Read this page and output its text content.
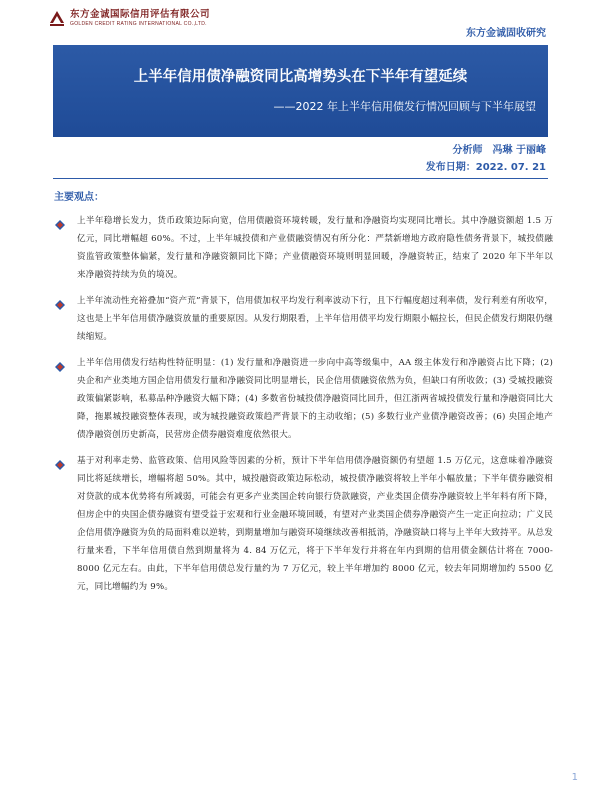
东方金诚国际信用评估有限公司
GOLDEN CREDIT RATING INTERNATIONAL CO.,LTD.
东方金诚固收研究
上半年信用债净融资同比高增势头在下半年有望延续
——2022 年上半年信用债发行情况回顾与下半年展望
分析师　冯琳 于丽峰
发布日期：2022. 07. 21
主要观点：
上半年稳增长发力，货币政策边际向宽，信用债融资环境转暖，发行量和净融资均实现同比增长。其中净融资额超 1.5 万亿元，同比增幅超 60%。不过，上半年城投债和产业债融资情况有所分化：严禁新增地方政府隐性债务背景下，城投债融资监管政策整体偏紧，发行量和净融资额同比下降；产业债融资环境则明显回暖，净融资转正，结束了 2020 年下半年以来净融资持续为负的境况。
上半年流动性充裕叠加“资产荒”背景下，信用债加权平均发行利率波动下行，且下行幅度超过利率债，发行利差有所收窄，这也是上半年信用债净融资放量的重要原因。从发行期限看，上半年信用债平均发行期限小幅拉长，但民企债发行期限仍继续缩短。
上半年信用债发行结构性特征明显：(1) 发行量和净融资进一步向中高等级集中，AA 级主体发行和净融资占比下降；(2) 央企和产业类地方国企信用债发行量和净融资同比明显增长，民企信用债融资依然为负，但缺口有所收敛；(3) 受城投融资政策偏紧影响，私募品种净融资大幅下降；(4) 多数省份城投债净融资同比回升，但江浙两省城投债发行量和净融资同比大降，拖累城投融资整体表现，或为城投融资政策趋严背景下的主动收缩；(5) 多数行业产业债净融资改善；(6) 央国企地产债净融资创历史新高，民营房企债券融资难度依然很大。
基于对利率走势、监管政策、信用风险等因素的分析，预计下半年信用债净融资额仍有望超 1.5 万亿元，这意味着净融资同比将延续增长，增幅将超 50%。其中，城投融资政策边际松动，城投债净融资将较上半年小幅放量；下半年债券融资相对贷款的成本优势将有所减弱，可能会有更多产业类国企转向银行贷款融资，产业类国企债券净融资较上半年料有所下降，但房企中的央国企债券融资有望受益于宏观和行业金融环境回暖，有望对产业类国企债券净融资产生一定正向拉动；广义民企信用债净融资为负的局面料难以逆转，到期量增加与融资环境继续改善相抵消，净融资缺口将与上半年大致持平。从总发行量来看，下半年信用债自然到期量将为 4. 84 万亿元，将于下半年发行并将在年内到期的信用债金额估计将在 7000-8000 亿元左右。由此，下半年信用债总发行量约为 7 万亿元，较上半年增加约 8000 亿元，较去年同期增加约 5500 亿元，同比增幅约为 9%。
1
